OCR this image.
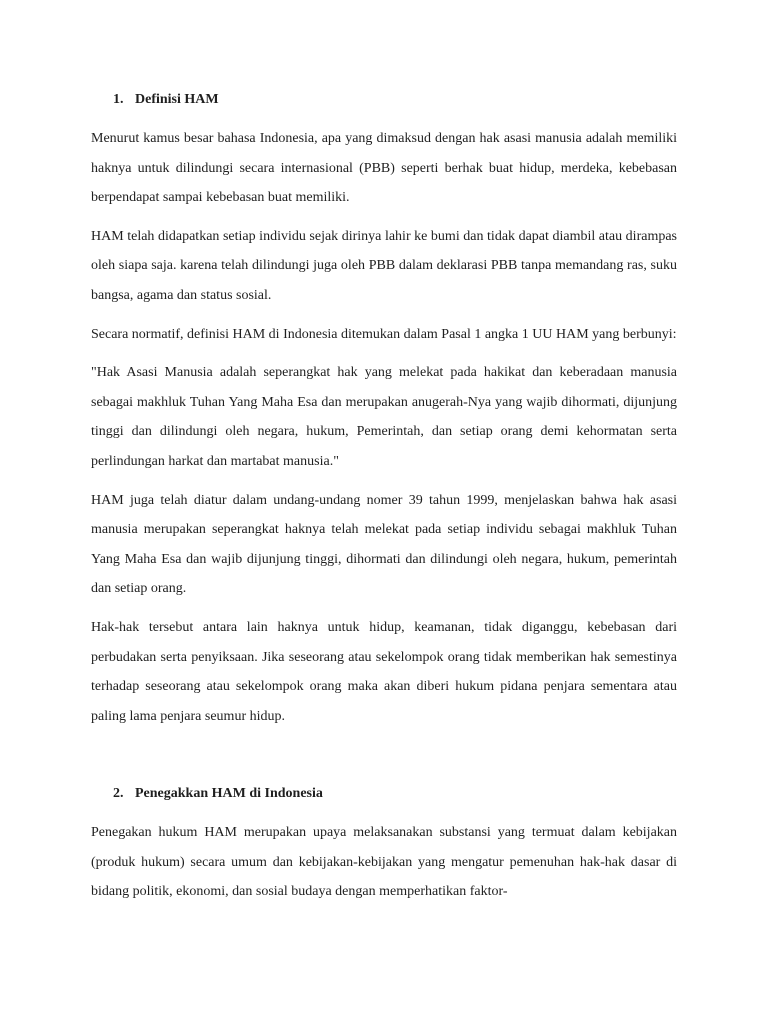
1. Definisi HAM

Menurut kamus besar bahasa Indonesia, apa yang dimaksud dengan hak asasi manusia adalah memiliki haknya untuk dilindungi secara internasional (PBB) seperti berhak buat hidup, merdeka, kebebasan berpendapat sampai kebebasan buat memiliki.

HAM telah didapatkan setiap individu sejak dirinya lahir ke bumi dan tidak dapat diambil atau dirampas oleh siapa saja. karena telah dilindungi juga oleh PBB dalam deklarasi PBB tanpa memandang ras, suku bangsa, agama dan status sosial.

Secara normatif, definisi HAM di Indonesia ditemukan dalam Pasal 1 angka 1 UU HAM yang berbunyi:

"Hak Asasi Manusia adalah seperangkat hak yang melekat pada hakikat dan keberadaan manusia sebagai makhluk Tuhan Yang Maha Esa dan merupakan anugerah-Nya yang wajib dihormati, dijunjung tinggi dan dilindungi oleh negara, hukum, Pemerintah, dan setiap orang demi kehormatan serta perlindungan harkat dan martabat manusia."

HAM juga telah diatur dalam undang-undang nomer 39 tahun 1999, menjelaskan bahwa hak asasi manusia merupakan seperangkat haknya telah melekat pada setiap individu sebagai makhluk Tuhan Yang Maha Esa dan wajib dijunjung tinggi, dihormati dan dilindungi oleh negara, hukum, pemerintah dan setiap orang.

Hak-hak tersebut antara lain haknya untuk hidup, keamanan, tidak diganggu, kebebasan dari perbudakan serta penyiksaan. Jika seseorang atau sekelompok orang tidak memberikan hak semestinya terhadap seseorang atau sekelompok orang maka akan diberi hukum pidana penjara sementara atau paling lama penjara seumur hidup.

2. Penegakkan HAM di Indonesia

Penegakan hukum HAM merupakan upaya melaksanakan substansi yang termuat dalam kebijakan (produk hukum) secara umum dan kebijakan-kebijakan yang mengatur pemenuhan hak-hak dasar di bidang politik, ekonomi, dan sosial budaya dengan memperhatikan faktor-
